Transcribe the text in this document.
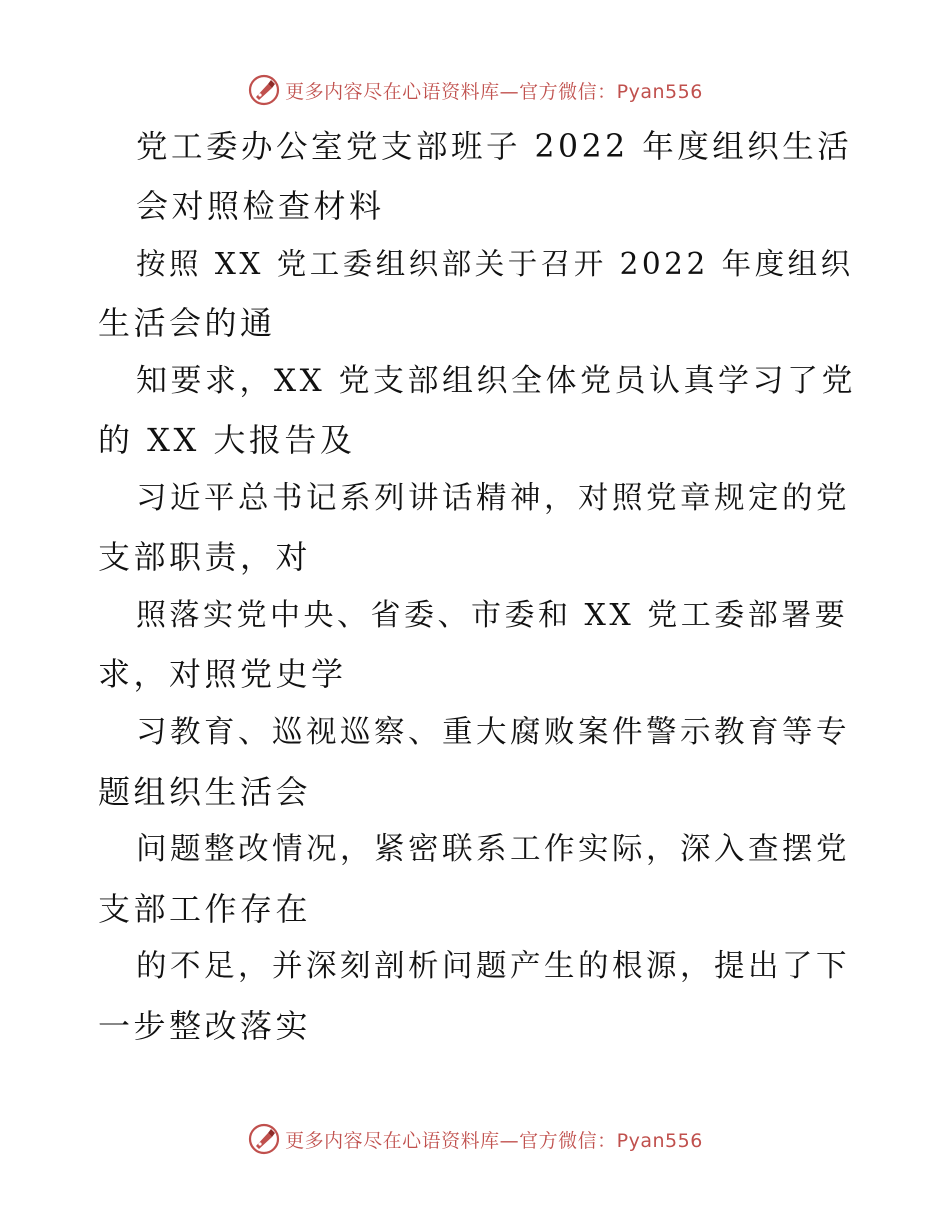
更多内容尽在心语资料库—官方微信：Pyan556
党工委办公室党支部班子 2022 年度组织生活
会对照检查材料
按照 XX 党工委组织部关于召开 2022 年度组织
生活会的通
知要求，XX 党支部组织全体党员认真学习了党
的 XX 大报告及
习近平总书记系列讲话精神，对照党章规定的党
支部职责，对
照落实党中央、省委、市委和 XX 党工委部署要
求，对照党史学
习教育、巡视巡察、重大腐败案件警示教育等专
题组织生活会
问题整改情况，紧密联系工作实际，深入查摆党
支部工作存在
的不足，并深刻剖析问题产生的根源，提出了下
一步整改落实
更多内容尽在心语资料库—官方微信：Pyan556
